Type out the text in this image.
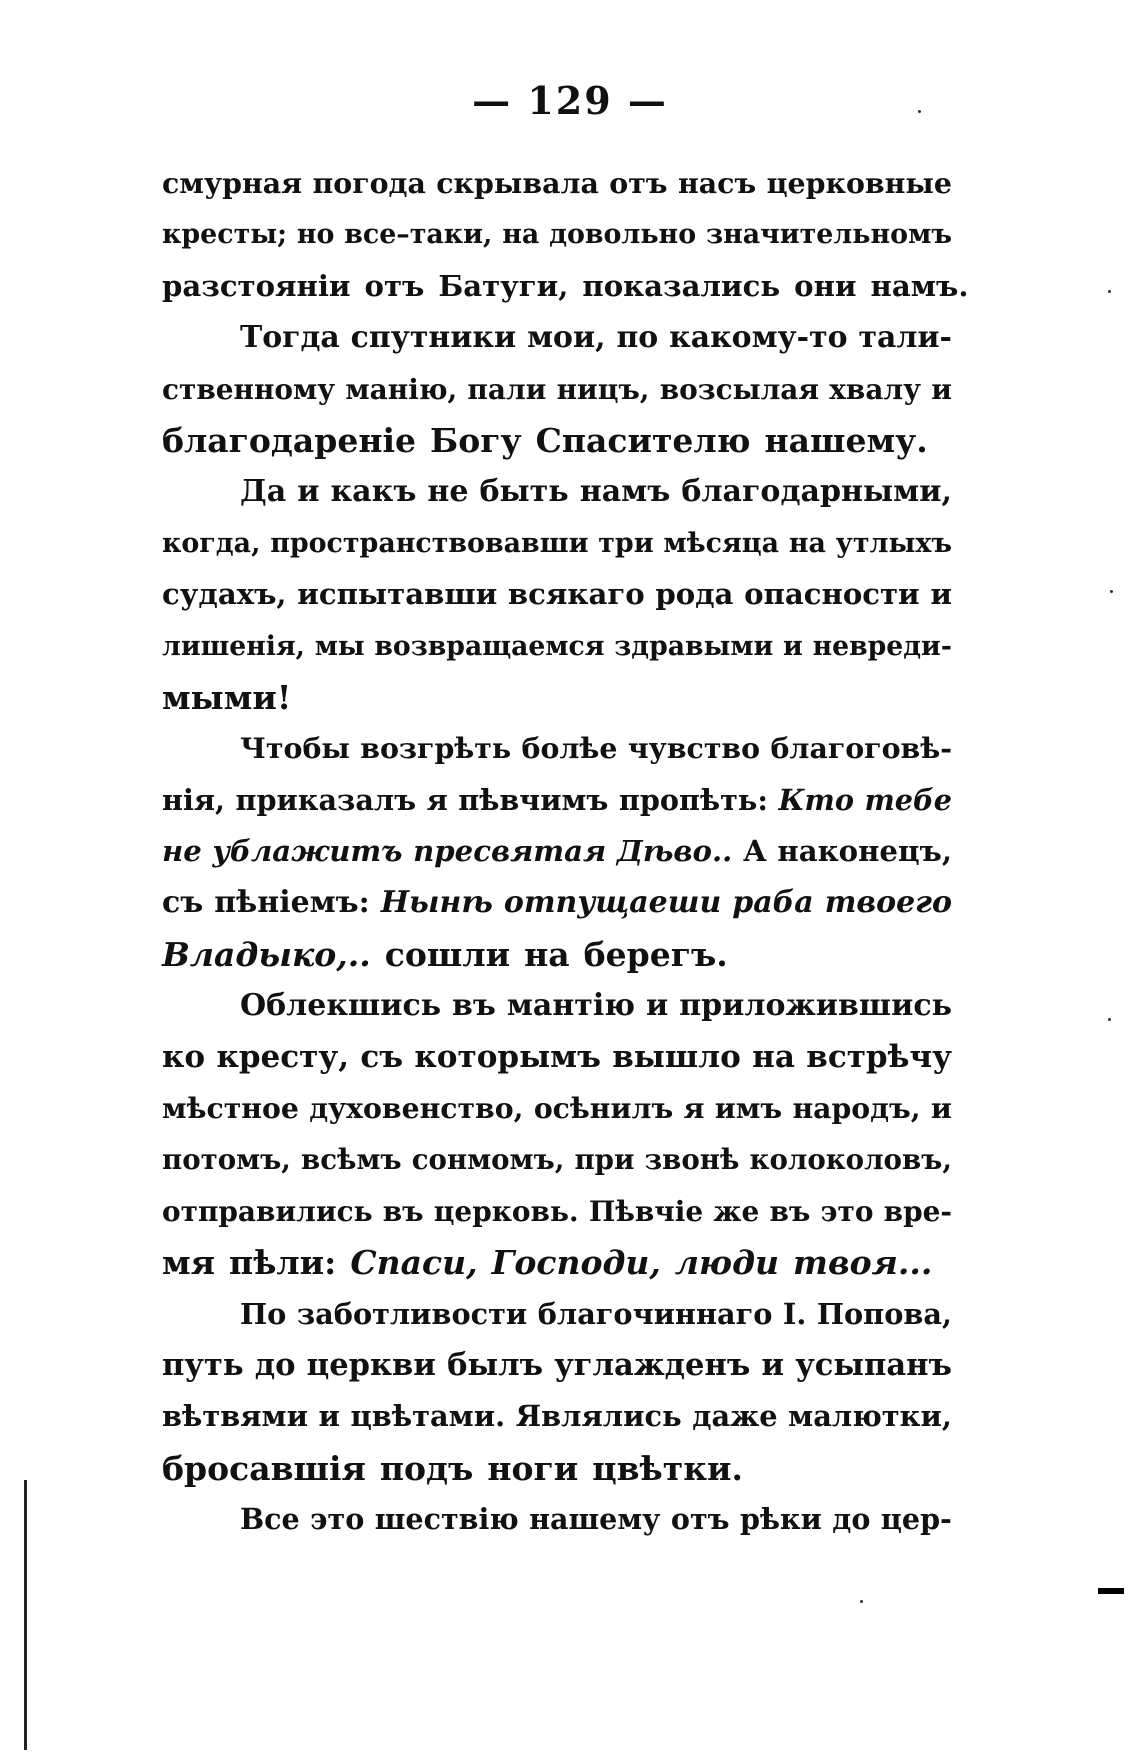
— 129 —
смурная погода скрывала отъ насъ церковные
кресты; но все–таки, на довольно значительномъ
разстояніи отъ Батуги, показались они намъ.
Тогда спутники мои, по какому-то тали-
ственному манію, пали ницъ, возсылая хвалу и
благодареніе Богу Спасителю нашему.
Да и какъ не быть намъ благодарными,
когда, пространствовавши три мѣсяца на утлыхъ
судахъ, испытавши всякаго рода опасности и
лишенія, мы возвращаемся здравыми и невреди-
мыми!
Чтобы возгрѣть болѣе чувство благоговѣ-
нія, приказалъ я пѣвчимъ пропѣть: Кто тебе
не ублажитъ пресвятая Дѣво.. А наконецъ,
съ пѣніемъ: Нынѣ отпущаеши раба твоего
Владыко,.. сошли на берегъ.
Облекшись въ мантію и приложившись
ко кресту, съ которымъ вышло на встрѣчу
мѣстное духовенство, осѣнилъ я имъ народъ, и
потомъ, всѣмъ сонмомъ, при звонѣ колоколовъ,
отправились въ церковь. Пѣвчіе же въ это вре-
мя пѣли: Спаси, Господи, люди твоя...
По заботливости благочиннаго І. Попова,
путь до церкви былъ углажденъ и усыпанъ
вѣтвями и цвѣтами. Являлись даже малютки,
бросавшія подъ ноги цвѣтки.
Все это шествію нашему отъ рѣки до цер-
